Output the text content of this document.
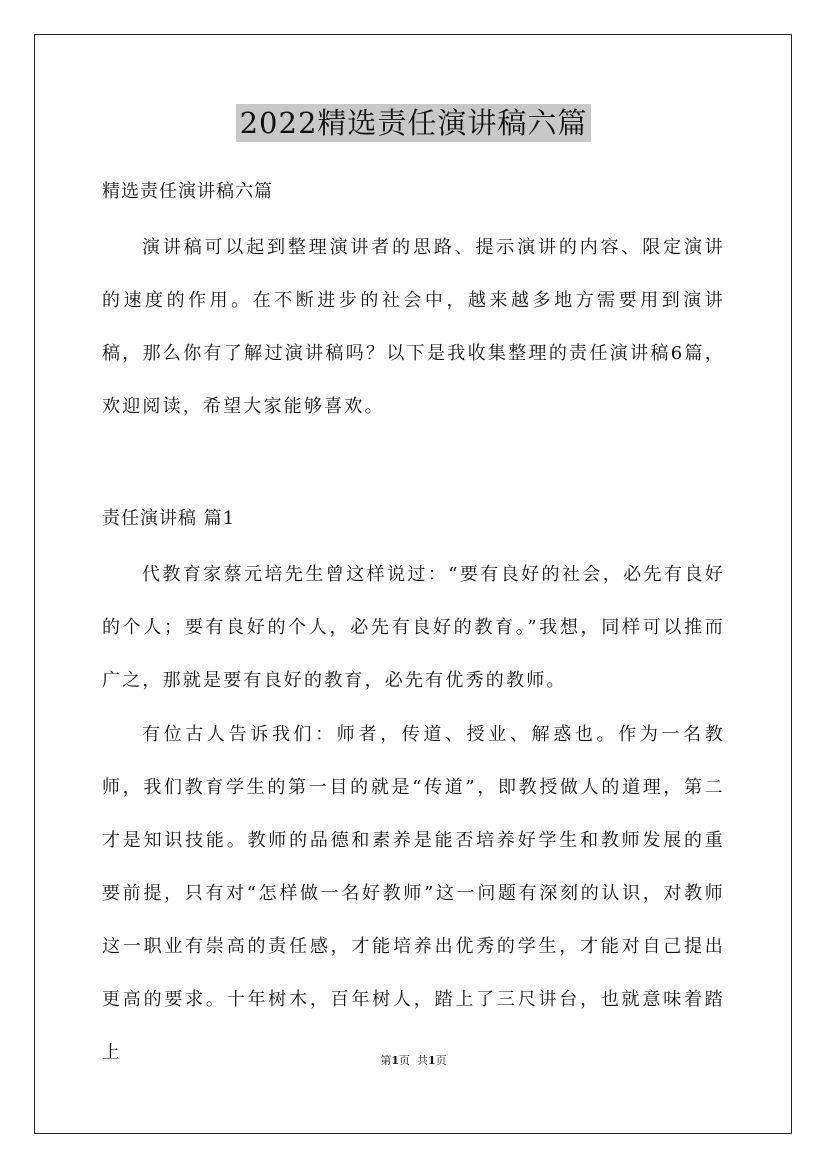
2022精选责任演讲稿六篇
精选责任演讲稿六篇

演讲稿可以起到整理演讲者的思路、提示演讲的内容、限定演讲的速度的作用。在不断进步的社会中，越来越多地方需要用到演讲稿，那么你有了解过演讲稿吗？以下是我收集整理的责任演讲稿6篇，欢迎阅读，希望大家能够喜欢。

责任演讲稿 篇1

代教育家蔡元培先生曾这样说过：“要有良好的社会，必先有良好的个人；要有良好的个人，必先有良好的教育。”我想，同样可以推而广之，那就是要有良好的教育，必先有优秀的教师。

有位古人告诉我们：师者，传道、授业、解惑也。作为一名教师，我们教育学生的第一目的就是“传道”，即教授做人的道理，第二才是知识技能。教师的品德和素养是能否培养好学生和教师发展的重要前提，只有对“怎样做一名好教师”这一问题有深刻的认识，对教师这一职业有崇高的责任感，才能培养出优秀的学生，才能对自己提出更高的要求。十年树木，百年树人，踏上了三尺讲台，也就意味着踏上	第1页 共1页
